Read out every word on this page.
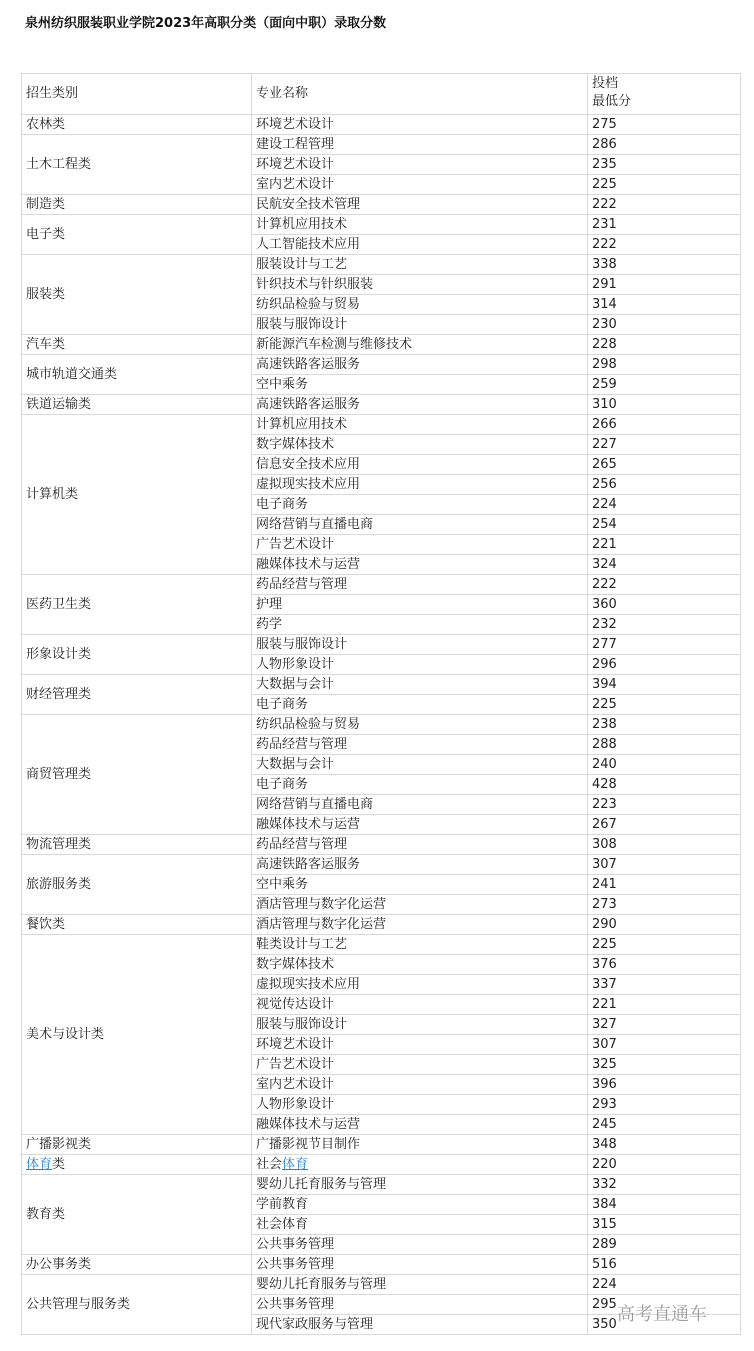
泉州纺织服装职业学院2023年高职分类（面向中职）录取分数
招生类别	专业名称	投档
最低分
农林类	环境艺术设计	275
土木工程类	建设工程管理	286
	环境艺术设计	235
	室内艺术设计	225
制造类	民航安全技术管理	222
电子类	计算机应用技术	231
	人工智能技术应用	222
服装类	服装设计与工艺	338
	针织技术与针织服装	291
	纺织品检验与贸易	314
	服装与服饰设计	230
汽车类	新能源汽车检测与维修技术	228
城市轨道交通类	高速铁路客运服务	298
	空中乘务	259
铁道运输类	高速铁路客运服务	310
计算机类	计算机应用技术	266
	数字媒体技术	227
	信息安全技术应用	265
	虚拟现实技术应用	256
	电子商务	224
	网络营销与直播电商	254
	广告艺术设计	221
	融媒体技术与运营	324
医药卫生类	药品经营与管理	222
	护理	360
	药学	232
形象设计类	服装与服饰设计	277
	人物形象设计	296
财经管理类	大数据与会计	394
	电子商务	225
商贸管理类	纺织品检验与贸易	238
	药品经营与管理	288
	大数据与会计	240
	电子商务	428
	网络营销与直播电商	223
	融媒体技术与运营	267
物流管理类	药品经营与管理	308
旅游服务类	高速铁路客运服务	307
	空中乘务	241
	酒店管理与数字化运营	273
餐饮类	酒店管理与数字化运营	290
美术与设计类	鞋类设计与工艺	225
	数字媒体技术	376
	虚拟现实技术应用	337
	视觉传达设计	221
	服装与服饰设计	327
	环境艺术设计	307
	广告艺术设计	325
	室内艺术设计	396
	人物形象设计	293
	融媒体技术与运营	245
广播影视类	广播影视节目制作	348
体育类	社会体育	220
教育类	婴幼儿托育服务与管理	332
	学前教育	384
	社会体育	315
	公共事务管理	289
办公事务类	公共事务管理	516
公共管理与服务类	婴幼儿托育服务与管理	224
	公共事务管理	295
	现代家政服务与管理	350 高考直通车
